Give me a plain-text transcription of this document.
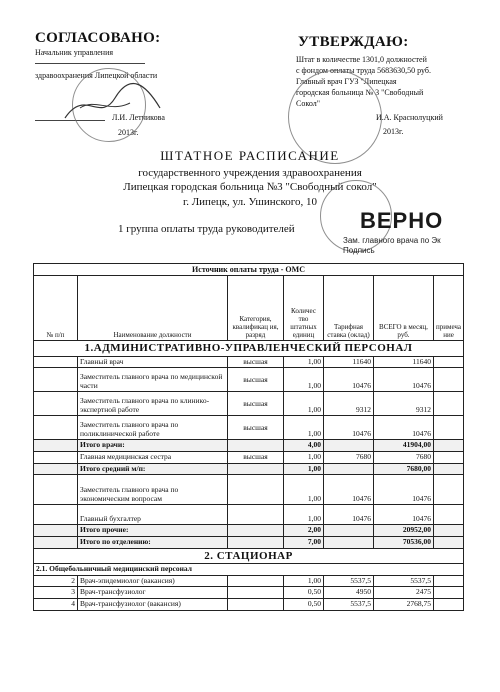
СОГЛАСОВАНО:
Начальник управления
здравоохранения Липецкой области
Л.И. Летникова
2013г.
УТВЕРЖДАЮ:
Штат в количестве 1301,0 должностей
с фондом оплаты труда 5683630,50 руб.
Главный врач ГУЗ "Липецкая
городская больница № 3 "Свободный
Сокол"
И.А. Краснолуцкий
2013г.
ШТАТНОЕ РАСПИСАНИЕ
государственного учреждения здравоохранения
Липецкая городская больница №3 "Свободный сокол"
г. Липецк, ул. Ушинского, 10
1 группа оплаты труда руководителей	ВЕРНО
Зам. главного врача по Эк
Подпись
Источник оплаты труда - ОМС						
№ п/п	Наименование должности	Категория, квалификац ия, разряд	Количес тво штатных единиц	Тарифная ставка (оклад)	ВСЕГО в месяц, руб.	примеча ние
1.АДМИНИСТРАТИВНО-УПРАВЛЕНЧЕСКИЙ ПЕРСОНАЛ						
	Главный врач	высшая	1,00	11640	11640	
	Заместитель главного врача по медицинской части	высшая	1,00	10476	10476	
	Заместитель главного врача по клинико-экспертной работе	высшая	1,00	9312	9312	
	Заместитель главного врача по поликлинической работе	высшая	1,00	10476	10476	
	Итого врачи:		4,00		41904,00	
	Главная медицинская сестра	высшая	1,00	7680	7680	
	Итого средний м/п:		1,00		7680,00	
	Заместитель главного врача по экономическим вопросам		1,00	10476	10476	
	Главный бухгалтер		1,00	10476	10476	
	Итого прочие:		2,00		20952,00	
	Итого по отделению:		7,00		70536,00	
2. СТАЦИОНАР						
2.1. Общебольничный медицинский персонал						
2	Врач-эпидемиолог (вакансия)		1,00	5537,5	5537,5	
3	Врач-трансфузиолог		0,50	4950	2475	
4	Врач-трансфузиолог (вакансия)		0,50	5537,5	2768,75	
